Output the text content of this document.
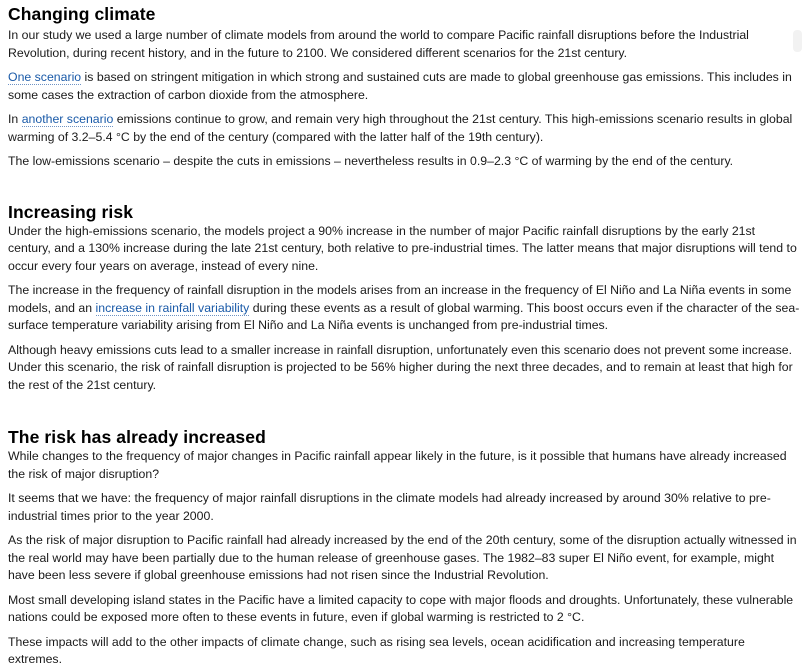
Changing climate

In our study we used a large number of climate models from around the world to compare Pacific rainfall disruptions before the Industrial Revolution, during recent history, and in the future to 2100. We considered different scenarios for the 21st century.

One scenario is based on stringent mitigation in which strong and sustained cuts are made to global greenhouse gas emissions. This includes in some cases the extraction of carbon dioxide from the atmosphere.

In another scenario emissions continue to grow, and remain very high throughout the 21st century. This high-emissions scenario results in global warming of 3.2–5.4 °C by the end of the century (compared with the latter half of the 19th century).

The low-emissions scenario – despite the cuts in emissions – nevertheless results in 0.9–2.3 °C of warming by the end of the century.

Increasing risk

Under the high-emissions scenario, the models project a 90% increase in the number of major Pacific rainfall disruptions by the early 21st century, and a 130% increase during the late 21st century, both relative to pre-industrial times. The latter means that major disruptions will tend to occur every four years on average, instead of every nine.

The increase in the frequency of rainfall disruption in the models arises from an increase in the frequency of El Niño and La Niña events in some models, and an increase in rainfall variability during these events as a result of global warming. This boost occurs even if the character of the sea-surface temperature variability arising from El Niño and La Niña events is unchanged from pre-industrial times.

Although heavy emissions cuts lead to a smaller increase in rainfall disruption, unfortunately even this scenario does not prevent some increase. Under this scenario, the risk of rainfall disruption is projected to be 56% higher during the next three decades, and to remain at least that high for the rest of the 21st century.

The risk has already increased

While changes to the frequency of major changes in Pacific rainfall appear likely in the future, is it possible that humans have already increased the risk of major disruption?

It seems that we have: the frequency of major rainfall disruptions in the climate models had already increased by around 30% relative to pre-industrial times prior to the year 2000.

As the risk of major disruption to Pacific rainfall had already increased by the end of the 20th century, some of the disruption actually witnessed in the real world may have been partially due to the human release of greenhouse gases. The 1982–83 super El Niño event, for example, might have been less severe if global greenhouse emissions had not risen since the Industrial Revolution.

Most small developing island states in the Pacific have a limited capacity to cope with major floods and droughts. Unfortunately, these vulnerable nations could be exposed more often to these events in future, even if global warming is restricted to 2 °C.

These impacts will add to the other impacts of climate change, such as rising sea levels, ocean acidification and increasing temperature extremes.
